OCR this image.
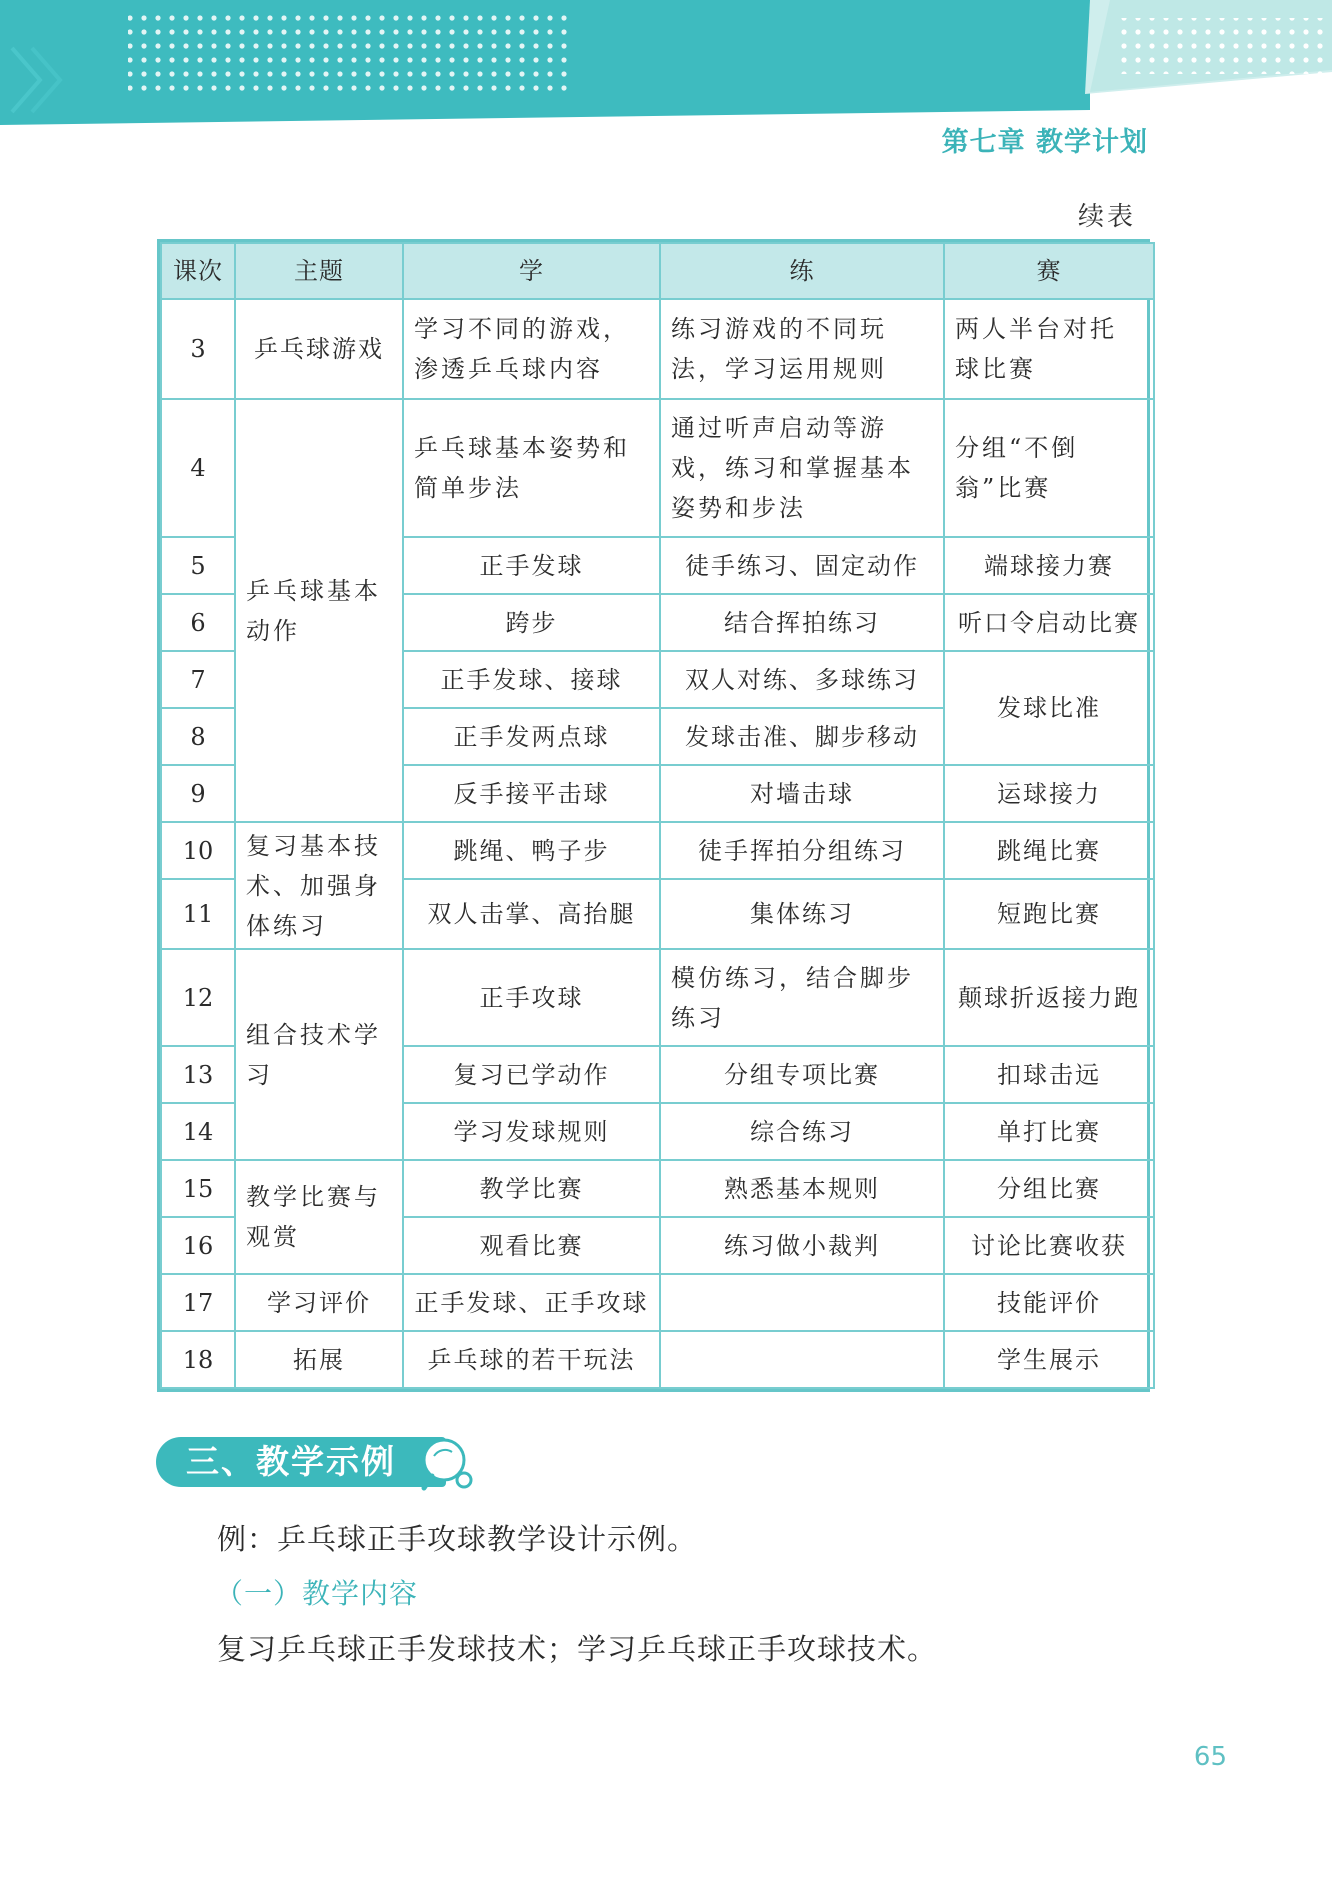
第七章 教学计划
续表
课次	主题	学	练	赛
3	乒乓球游戏	学习不同的游戏，渗透乒乓球内容	练习游戏的不同玩法，学习运用规则	两人半台对托球比赛
4	乒乓球基本动作	乒乓球基本姿势和简单步法	通过听声启动等游戏，练习和掌握基本姿势和步法	分组“不倒翁”比赛
5		正手发球	徒手练习、固定动作	端球接力赛
6		跨步	结合挥拍练习	听口令启动比赛
7		正手发球、接球	双人对练、多球练习	发球比准
8		正手发两点球	发球击准、脚步移动	
9		反手接平击球	对墙击球	运球接力
10	复习基本技术、加强身体练习	跳绳、鸭子步	徒手挥拍分组练习	跳绳比赛
11		双人击掌、高抬腿	集体练习	短跑比赛
12	组合技术学习	正手攻球	模仿练习，结合脚步练习	颠球折返接力跑
13		复习已学动作	分组专项比赛	扣球击远
14		学习发球规则	综合练习	单打比赛
15	教学比赛与观赏	教学比赛	熟悉基本规则	分组比赛
16		观看比赛	练习做小裁判	讨论比赛收获
17	学习评价	正手发球、正手攻球		技能评价
18	拓展	乒乓球的若干玩法		学生展示
三、教学示例
例：乒乓球正手攻球教学设计示例。
（一）教学内容
复习乒乓球正手发球技术；学习乒乓球正手攻球技术。
65
